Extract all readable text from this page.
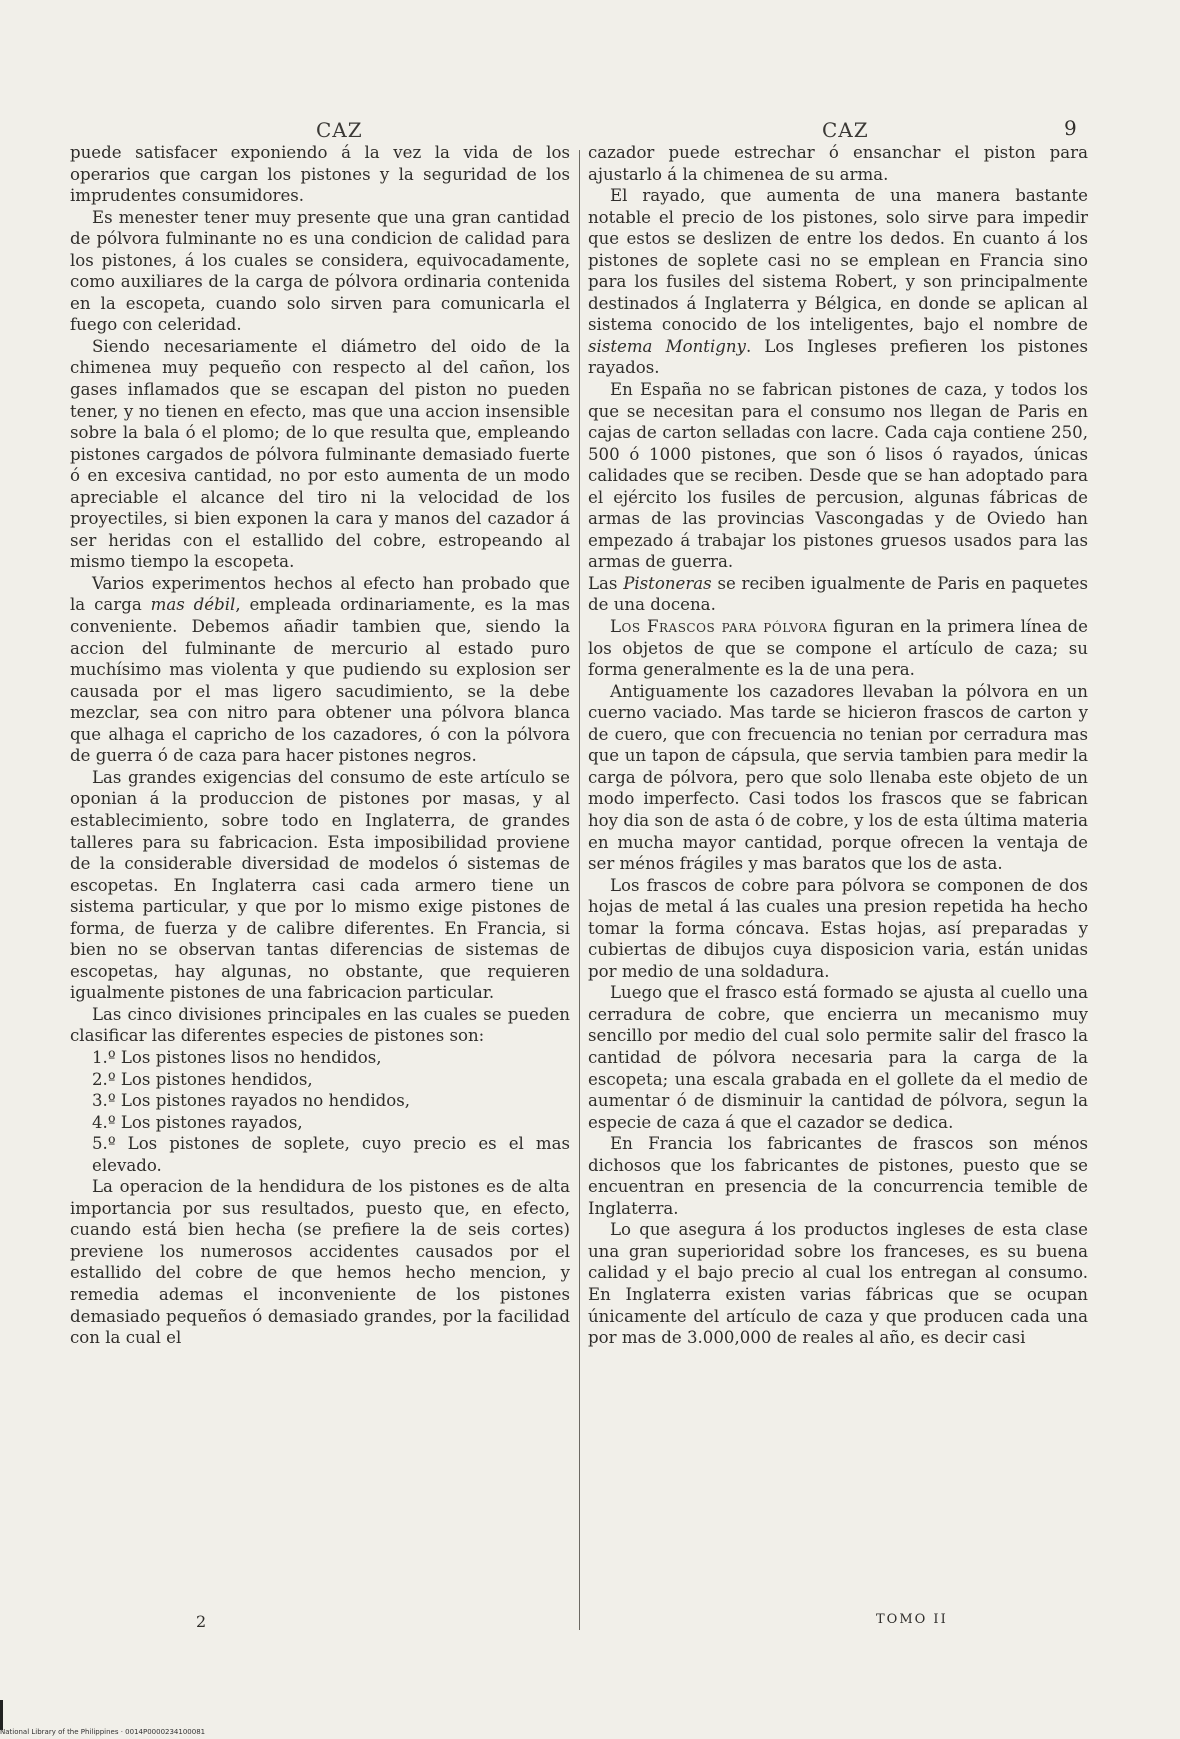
CAZ	CAZ	9

puede satisfacer exponiendo á la vez la vida de los operarios que cargan los pistones y la seguridad de los imprudentes consumidores.

Es menester tener muy presente que una gran cantidad de pólvora fulminante no es una condicion de calidad para los pistones, á los cuales se considera, equivocadamente, como auxiliares de la carga de pólvora ordinaria contenida en la escopeta, cuando solo sirven para comunicarla el fuego con celeridad.

Siendo necesariamente el diámetro del oido de la chimenea muy pequeño con respecto al del cañon, los gases inflamados que se escapan del piston no pueden tener, y no tienen en efecto, mas que una accion insensible sobre la bala ó el plomo; de lo que resulta que, empleando pistones cargados de pólvora fulminante demasiado fuerte ó en excesiva cantidad, no por esto aumenta de un modo apreciable el alcance del tiro ni la velocidad de los proyectiles, si bien exponen la cara y manos del cazador á ser heridas con el estallido del cobre, estropeando al mismo tiempo la escopeta.

Varios experimentos hechos al efecto han probado que la carga mas débil, empleada ordinariamente, es la mas conveniente. Debemos añadir tambien que, siendo la accion del fulminante de mercurio al estado puro muchísimo mas violenta y que pudiendo su explosion ser causada por el mas ligero sacudimiento, se la debe mezclar, sea con nitro para obtener una pólvora blanca que alhaga el capricho de los cazadores, ó con la pólvora de guerra ó de caza para hacer pistones negros.

Las grandes exigencias del consumo de este artículo se oponian á la produccion de pistones por masas, y al establecimiento, sobre todo en Inglaterra, de grandes talleres para su fabricacion. Esta imposibilidad proviene de la considerable diversidad de modelos ó sistemas de escopetas. En Inglaterra casi cada armero tiene un sistema particular, y que por lo mismo exige pistones de forma, de fuerza y de calibre diferentes. En Francia, si bien no se observan tantas diferencias de sistemas de escopetas, hay algunas, no obstante, que requieren igualmente pistones de una fabricacion particular.

Las cinco divisiones principales en las cuales se pueden clasificar las diferentes especies de pistones son:

1.º Los pistones lisos no hendidos,

2.º Los pistones hendidos,

3.º Los pistones rayados no hendidos,

4.º Los pistones rayados,

5.º Los pistones de soplete, cuyo precio es el mas elevado.

La operacion de la hendidura de los pistones es de alta importancia por sus resultados, puesto que, en efecto, cuando está bien hecha (se prefiere la de seis cortes) previene los numerosos accidentes causados por el estallido del cobre de que hemos hecho mencion, y remedia ademas el inconveniente de los pistones demasiado pequeños ó demasiado grandes, por la facilidad con la cual el

cazador puede estrechar ó ensanchar el piston para ajustarlo á la chimenea de su arma.

El rayado, que aumenta de una manera bastante notable el precio de los pistones, solo sirve para impedir que estos se deslizen de entre los dedos. En cuanto á los pistones de soplete casi no se emplean en Francia sino para los fusiles del sistema Robert, y son principalmente destinados á Inglaterra y Bélgica, en donde se aplican al sistema conocido de los inteligentes, bajo el nombre de sistema Montigny. Los Ingleses prefieren los pistones rayados.

En España no se fabrican pistones de caza, y todos los que se necesitan para el consumo nos llegan de Paris en cajas de carton selladas con lacre. Cada caja contiene 250, 500 ó 1000 pistones, que son ó lisos ó rayados, únicas calidades que se reciben. Desde que se han adoptado para el ejército los fusiles de percusion, algunas fábricas de armas de las provincias Vascongadas y de Oviedo han empezado á trabajar los pistones gruesos usados para las armas de guerra.

Las Pistoneras se reciben igualmente de Paris en paquetes de una docena.

Los Frascos para pólvora figuran en la primera línea de los objetos de que se compone el artículo de caza; su forma generalmente es la de una pera.

Antiguamente los cazadores llevaban la pólvora en un cuerno vaciado. Mas tarde se hicieron frascos de carton y de cuero, que con frecuencia no tenian por cerradura mas que un tapon de cápsula, que servia tambien para medir la carga de pólvora, pero que solo llenaba este objeto de un modo imperfecto. Casi todos los frascos que se fabrican hoy dia son de asta ó de cobre, y los de esta última materia en mucha mayor cantidad, porque ofrecen la ventaja de ser ménos frágiles y mas baratos que los de asta.

Los frascos de cobre para pólvora se componen de dos hojas de metal á las cuales una presion repetida ha hecho tomar la forma cóncava. Estas hojas, así preparadas y cubiertas de dibujos cuya disposicion varia, están unidas por medio de una soldadura.

Luego que el frasco está formado se ajusta al cuello una cerradura de cobre, que encierra un mecanismo muy sencillo por medio del cual solo permite salir del frasco la cantidad de pólvora necesaria para la carga de la escopeta; una escala grabada en el gollete da el medio de aumentar ó de disminuir la cantidad de pólvora, segun la especie de caza á que el cazador se dedica.

En Francia los fabricantes de frascos son ménos dichosos que los fabricantes de pistones, puesto que se encuentran en presencia de la concurrencia temible de Inglaterra.

Lo que asegura á los productos ingleses de esta clase una gran superioridad sobre los franceses, es su buena calidad y el bajo precio al cual los entregan al consumo. En Inglaterra existen varias fábricas que se ocupan únicamente del artículo de caza y que producen cada una por mas de 3.000,000 de reales al año, es decir casi

2	TOMO II
National Library of the Philippines · 0014P0000234100081
